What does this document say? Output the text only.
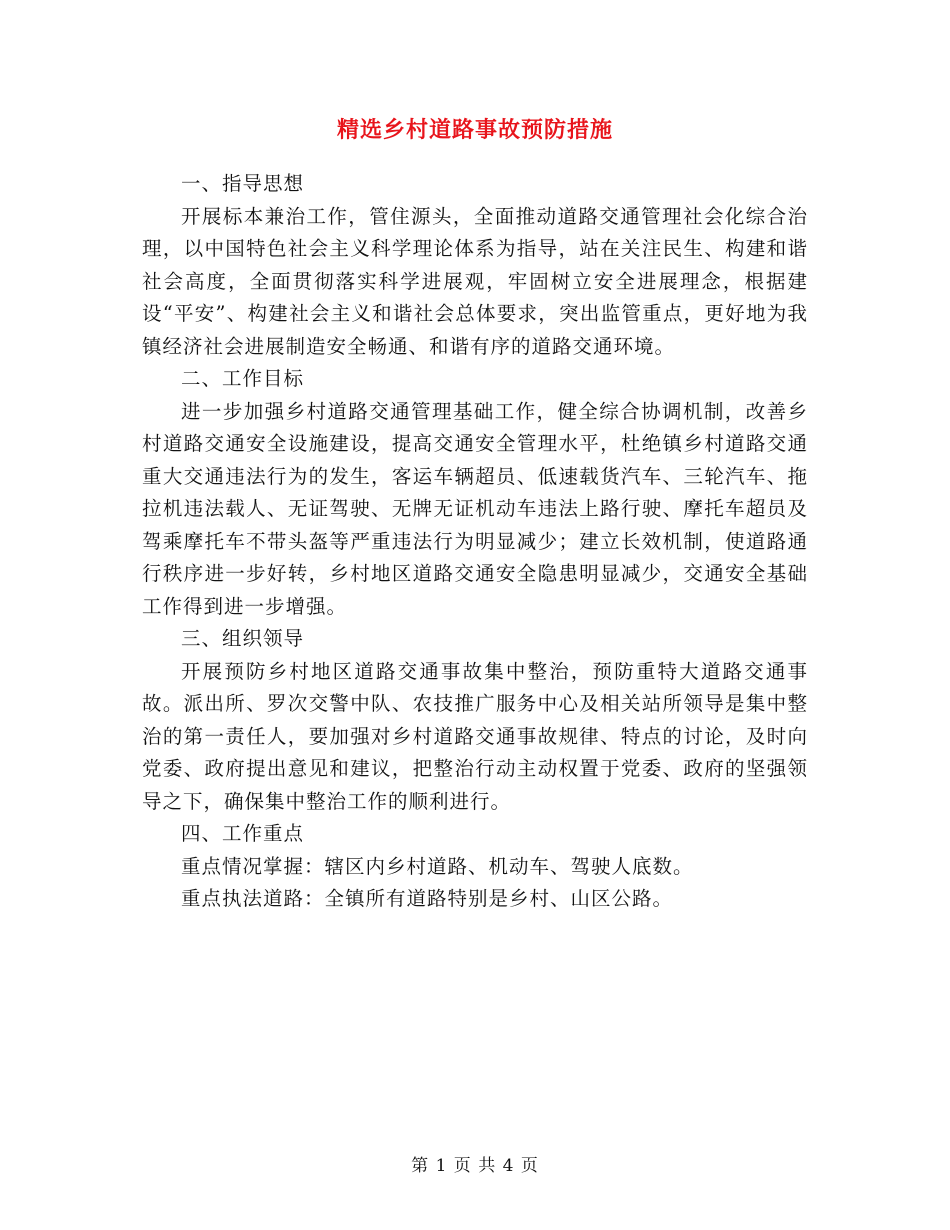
精选乡村道路事故预防措施

一、指导思想

开展标本兼治工作，管住源头，全面推动道路交通管理社会化综合治理，以中国特色社会主义科学理论体系为指导，站在关注民生、构建和谐社会高度，全面贯彻落实科学进展观，牢固树立安全进展理念，根据建设“平安”、构建社会主义和谐社会总体要求，突出监管重点，更好地为我镇经济社会进展制造安全畅通、和谐有序的道路交通环境。

二、工作目标

进一步加强乡村道路交通管理基础工作，健全综合协调机制，改善乡村道路交通安全设施建设，提高交通安全管理水平，杜绝镇乡村道路交通重大交通违法行为的发生，客运车辆超员、低速载货汽车、三轮汽车、拖拉机违法载人、无证驾驶、无牌无证机动车违法上路行驶、摩托车超员及驾乘摩托车不带头盔等严重违法行为明显减少；建立长效机制，使道路通行秩序进一步好转，乡村地区道路交通安全隐患明显减少，交通安全基础工作得到进一步增强。

三、组织领导

开展预防乡村地区道路交通事故集中整治，预防重特大道路交通事故。派出所、罗次交警中队、农技推广服务中心及相关站所领导是集中整治的第一责任人，要加强对乡村道路交通事故规律、特点的讨论，及时向党委、政府提出意见和建议，把整治行动主动权置于党委、政府的坚强领导之下，确保集中整治工作的顺利进行。

四、工作重点

重点情况掌握：辖区内乡村道路、机动车、驾驶人底数。

重点执法道路：全镇所有道路特别是乡村、山区公路。

第 1 页 共 4 页
